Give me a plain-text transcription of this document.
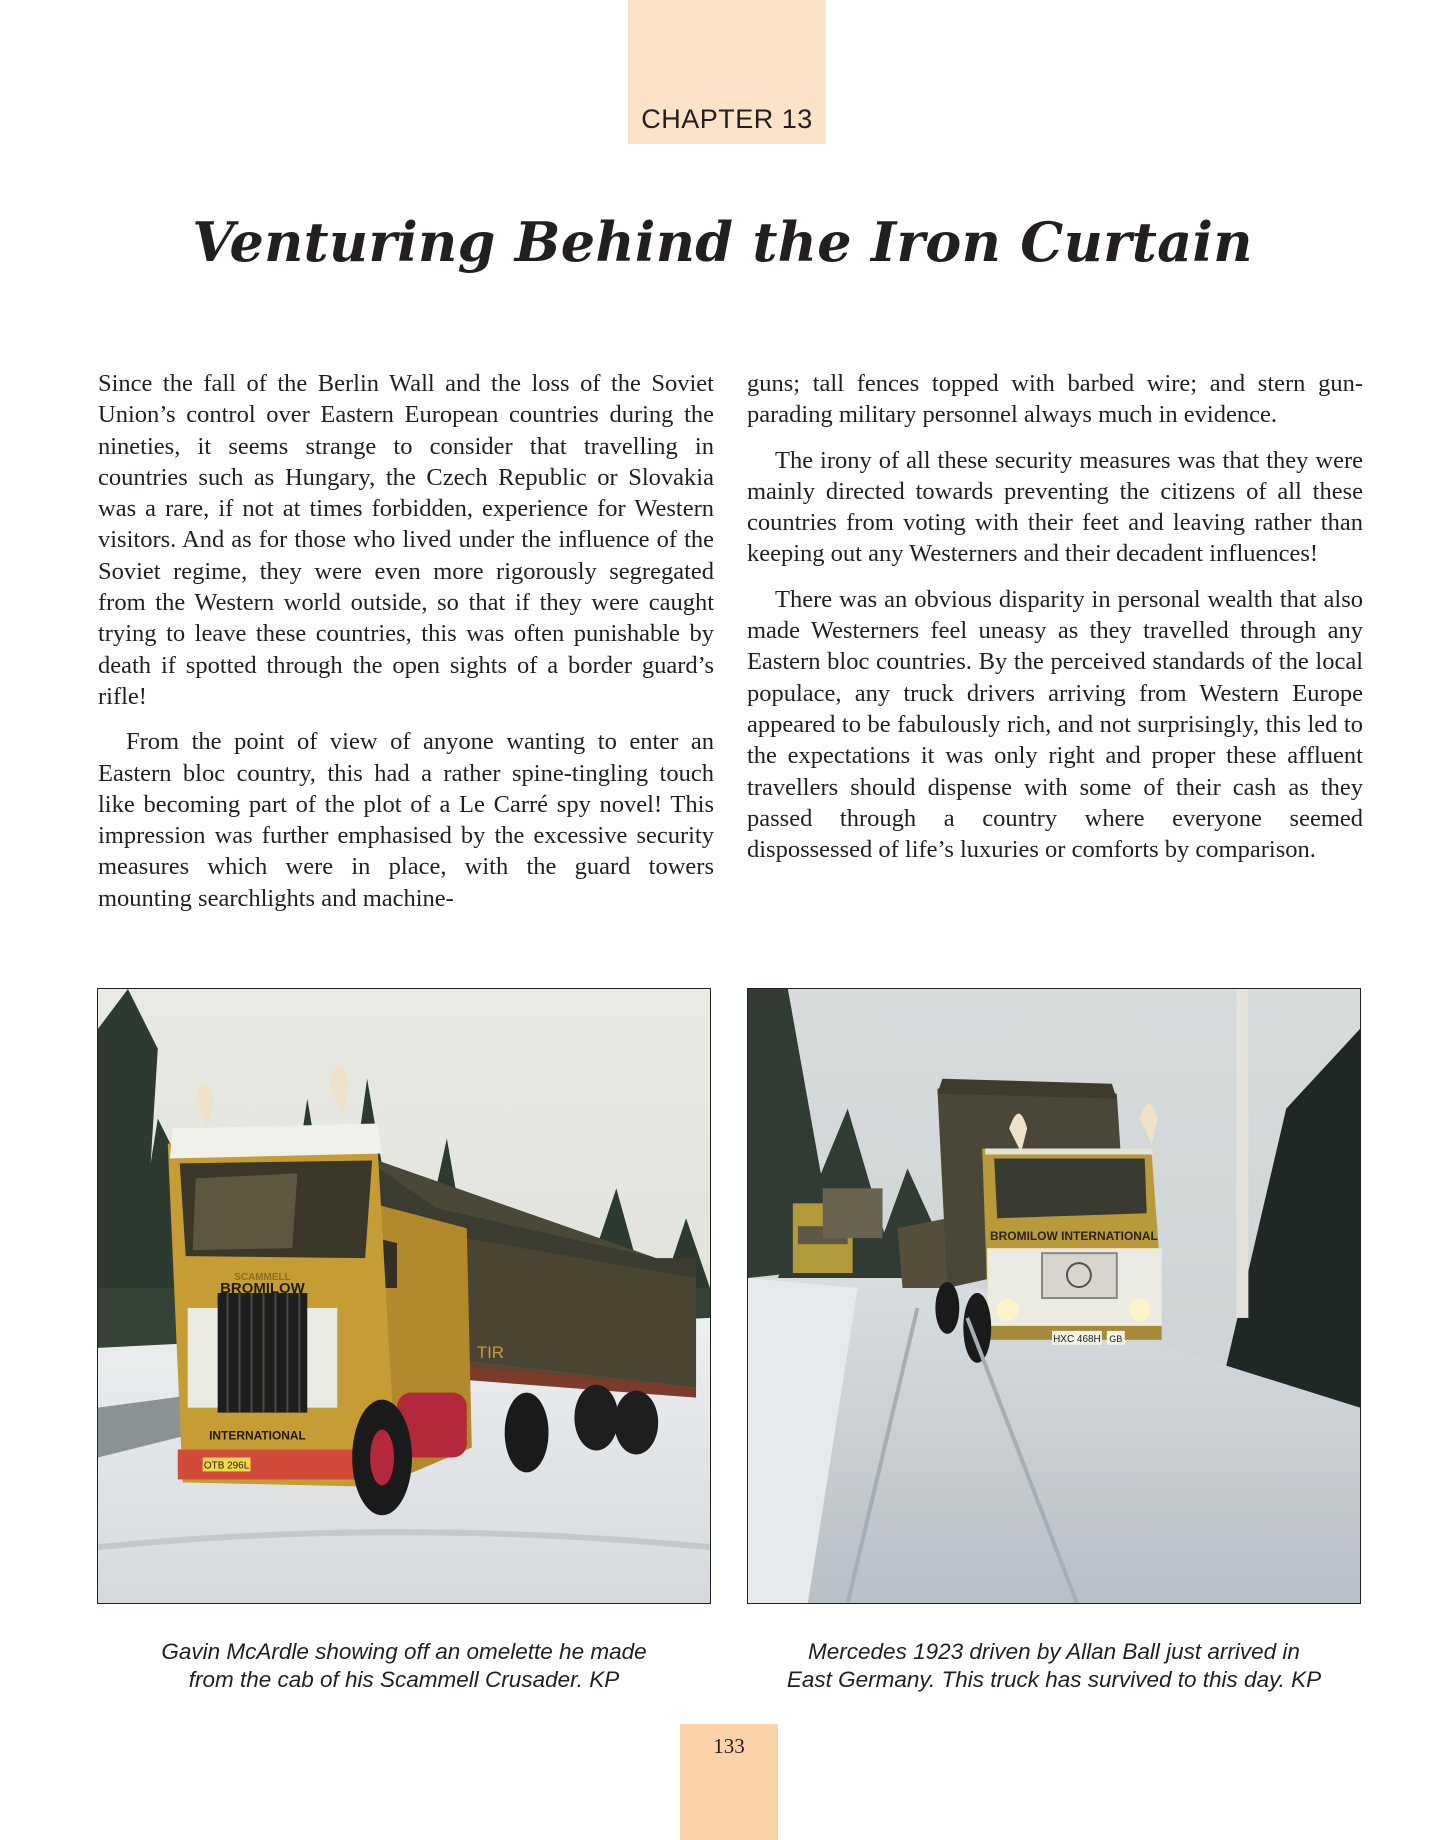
CHAPTER 13
Venturing Behind the Iron Curtain

Since the fall of the Berlin Wall and the loss of the Soviet Union’s control over Eastern European countries during the nineties, it seems strange to consider that travelling in countries such as Hungary, the Czech Republic or Slovakia was a rare, if not at times forbidden, experience for Western visitors. And as for those who lived under the influence of the Soviet regime, they were even more rigorously segregated from the Western world outside, so that if they were caught trying to leave these countries, this was often punishable by death if spotted through the open sights of a border guard’s rifle!

From the point of view of anyone wanting to enter an Eastern bloc country, this had a rather spine-tingling touch like becoming part of the plot of a Le Carré spy novel! This impression was further emphasised by the excessive security measures which were in place, with the guard towers mounting searchlights and machine-

guns; tall fences topped with barbed wire; and stern gun-parading military personnel always much in evidence.

The irony of all these security measures was that they were mainly directed towards preventing the citizens of all these countries from voting with their feet and leaving rather than keeping out any Westerners and their decadent influences!

There was an obvious disparity in personal wealth that also made Westerners feel uneasy as they travelled through any Eastern bloc countries. By the perceived standards of the local populace, any truck drivers arriving from Western Europe appeared to be fabulously rich, and not surprisingly, this led to the expectations it was only right and proper these affluent travellers should dispense with some of their cash as they passed through a country where everyone seemed dispossessed of life’s luxuries or comforts by comparison.

SCAMMELL
BROMILOW
INTERNATIONAL
TIR
OTB 296L
BROMILOW INTERNATIONAL
HXC 468H GB
Gavin McArdle showing off an omelette he made
from the cab of his Scammell Crusader. KP
Mercedes 1923 driven by Allan Ball just arrived in
East Germany. This truck has survived to this day. KP
133
